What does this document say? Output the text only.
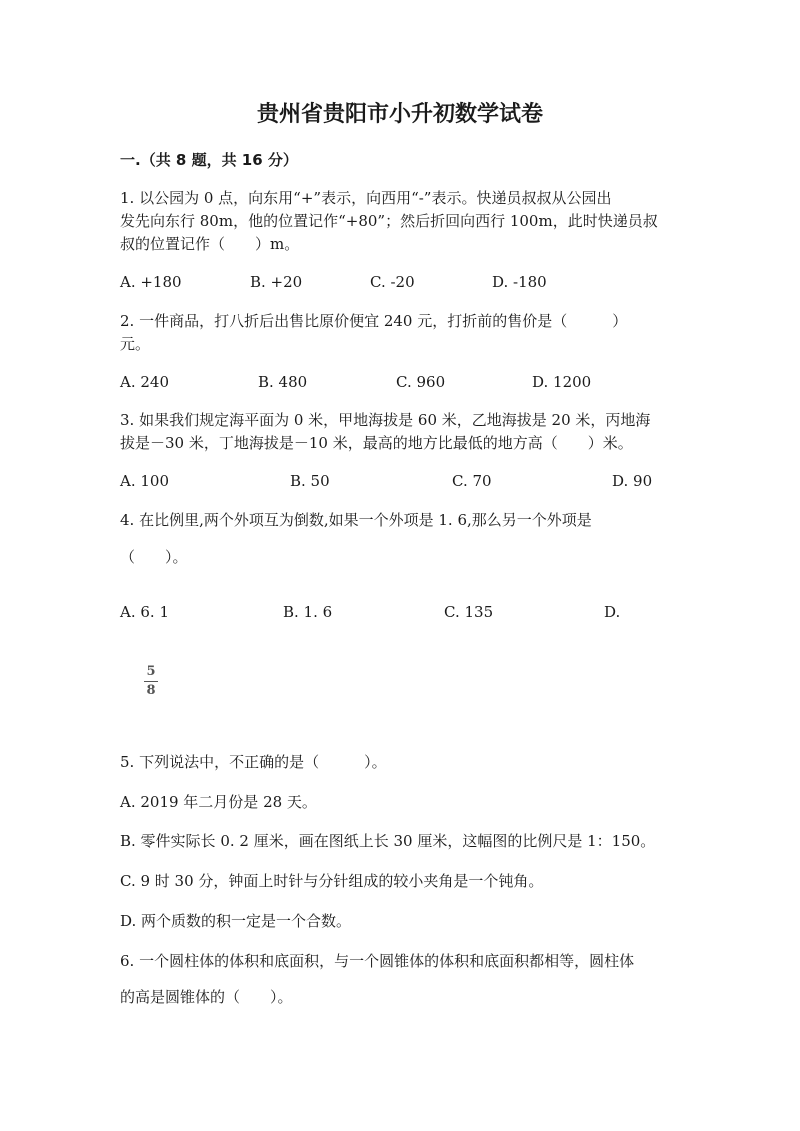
贵州省贵阳市小升初数学试卷
一.（共 8 题，共 16 分）
1. 以公园为 0 点，向东用“+”表示，向西用“-”表示。快递员叔叔从公园出
发先向东行 80m，他的位置记作“+80”；然后折回向西行 100m，此时快递员叔
叔的位置记作（　　）m。
A. +180	B. +20	C. -20	D. -180
2. 一件商品，打八折后出售比原价便宜 240 元，打折前的售价是（　　　）
元。
A. 240	B. 480	C. 960	D. 1200
3. 如果我们规定海平面为 0 米，甲地海拔是 60 米，乙地海拔是 20 米，丙地海
拔是－30 米，丁地海拔是－10 米，最高的地方比最低的地方高（　　）米。
A. 100	B. 50	C. 70	D. 90
4. 在比例里,两个外项互为倒数,如果一个外项是 1. 6,那么另一个外项是
（　　）。
A. 6. 1	B. 1. 6	C. 135	D.
5
8
5. 下列说法中，不正确的是（　　　）。
A. 2019 年二月份是 28 天。
B. 零件实际长 0. 2 厘米，画在图纸上长 30 厘米，这幅图的比例尺是 1：150。
C. 9 时 30 分，钟面上时针与分针组成的较小夹角是一个钝角。
D. 两个质数的积一定是一个合数。
6. 一个圆柱体的体积和底面积，与一个圆锥体的体积和底面积都相等，圆柱体
的高是圆锥体的（　　）。
